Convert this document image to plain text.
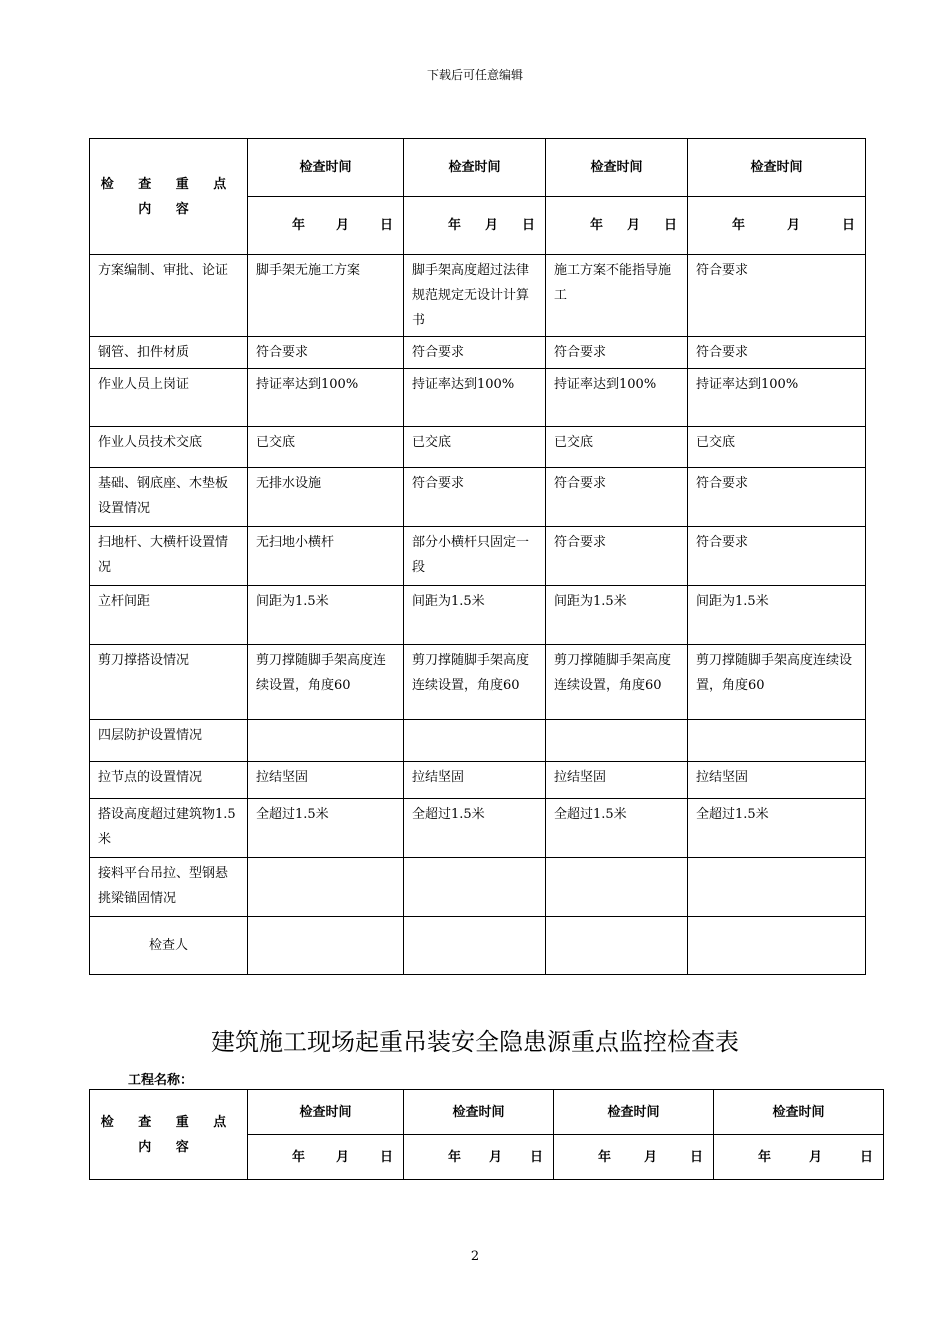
下载后可任意编辑
检 查 重 点
内 容	检查时间	检查时间	检查时间	检查时间

	年 月 日	年 月 日	年 月 日	年 月 日

方案编制、审批、论证	脚手架无施工方案	脚手架高度超过法律规范规定无设计计算书	施工方案不能指导施工	符合要求
钢管、扣件材质	符合要求	符合要求	符合要求	符合要求
作业人员上岗证	持证率达到100%	持证率达到100%	持证率达到100%	持证率达到100%
作业人员技术交底	已交底	已交底	已交底	已交底
基础、钢底座、木垫板设置情况	无排水设施	符合要求	符合要求	符合要求
扫地杆、大横杆设置情况	无扫地小横杆	部分小横杆只固定一段	符合要求	符合要求
立杆间距	间距为1.5米	间距为1.5米	间距为1.5米	间距为1.5米
剪刀撑搭设情况	剪刀撑随脚手架高度连续设置，角度60	剪刀撑随脚手架高度连续设置，角度60	剪刀撑随脚手架高度连续设置，角度60	剪刀撑随脚手架高度连续设置，角度60
四层防护设置情况				
拉节点的设置情况	拉结坚固	拉结坚固	拉结坚固	拉结坚固
搭设高度超过建筑物1.5米	全超过1.5米	全超过1.5米	全超过1.5米	全超过1.5米
接料平台吊拉、型钢悬挑梁锚固情况				
检查人				
建筑施工现场起重吊装安全隐患源重点监控检查表
工程名称：
检 查 重 点
内 容	检查时间	检查时间	检查时间	检查时间

	年 月 日	年 月 日	年 月 日	年 月 日
2
